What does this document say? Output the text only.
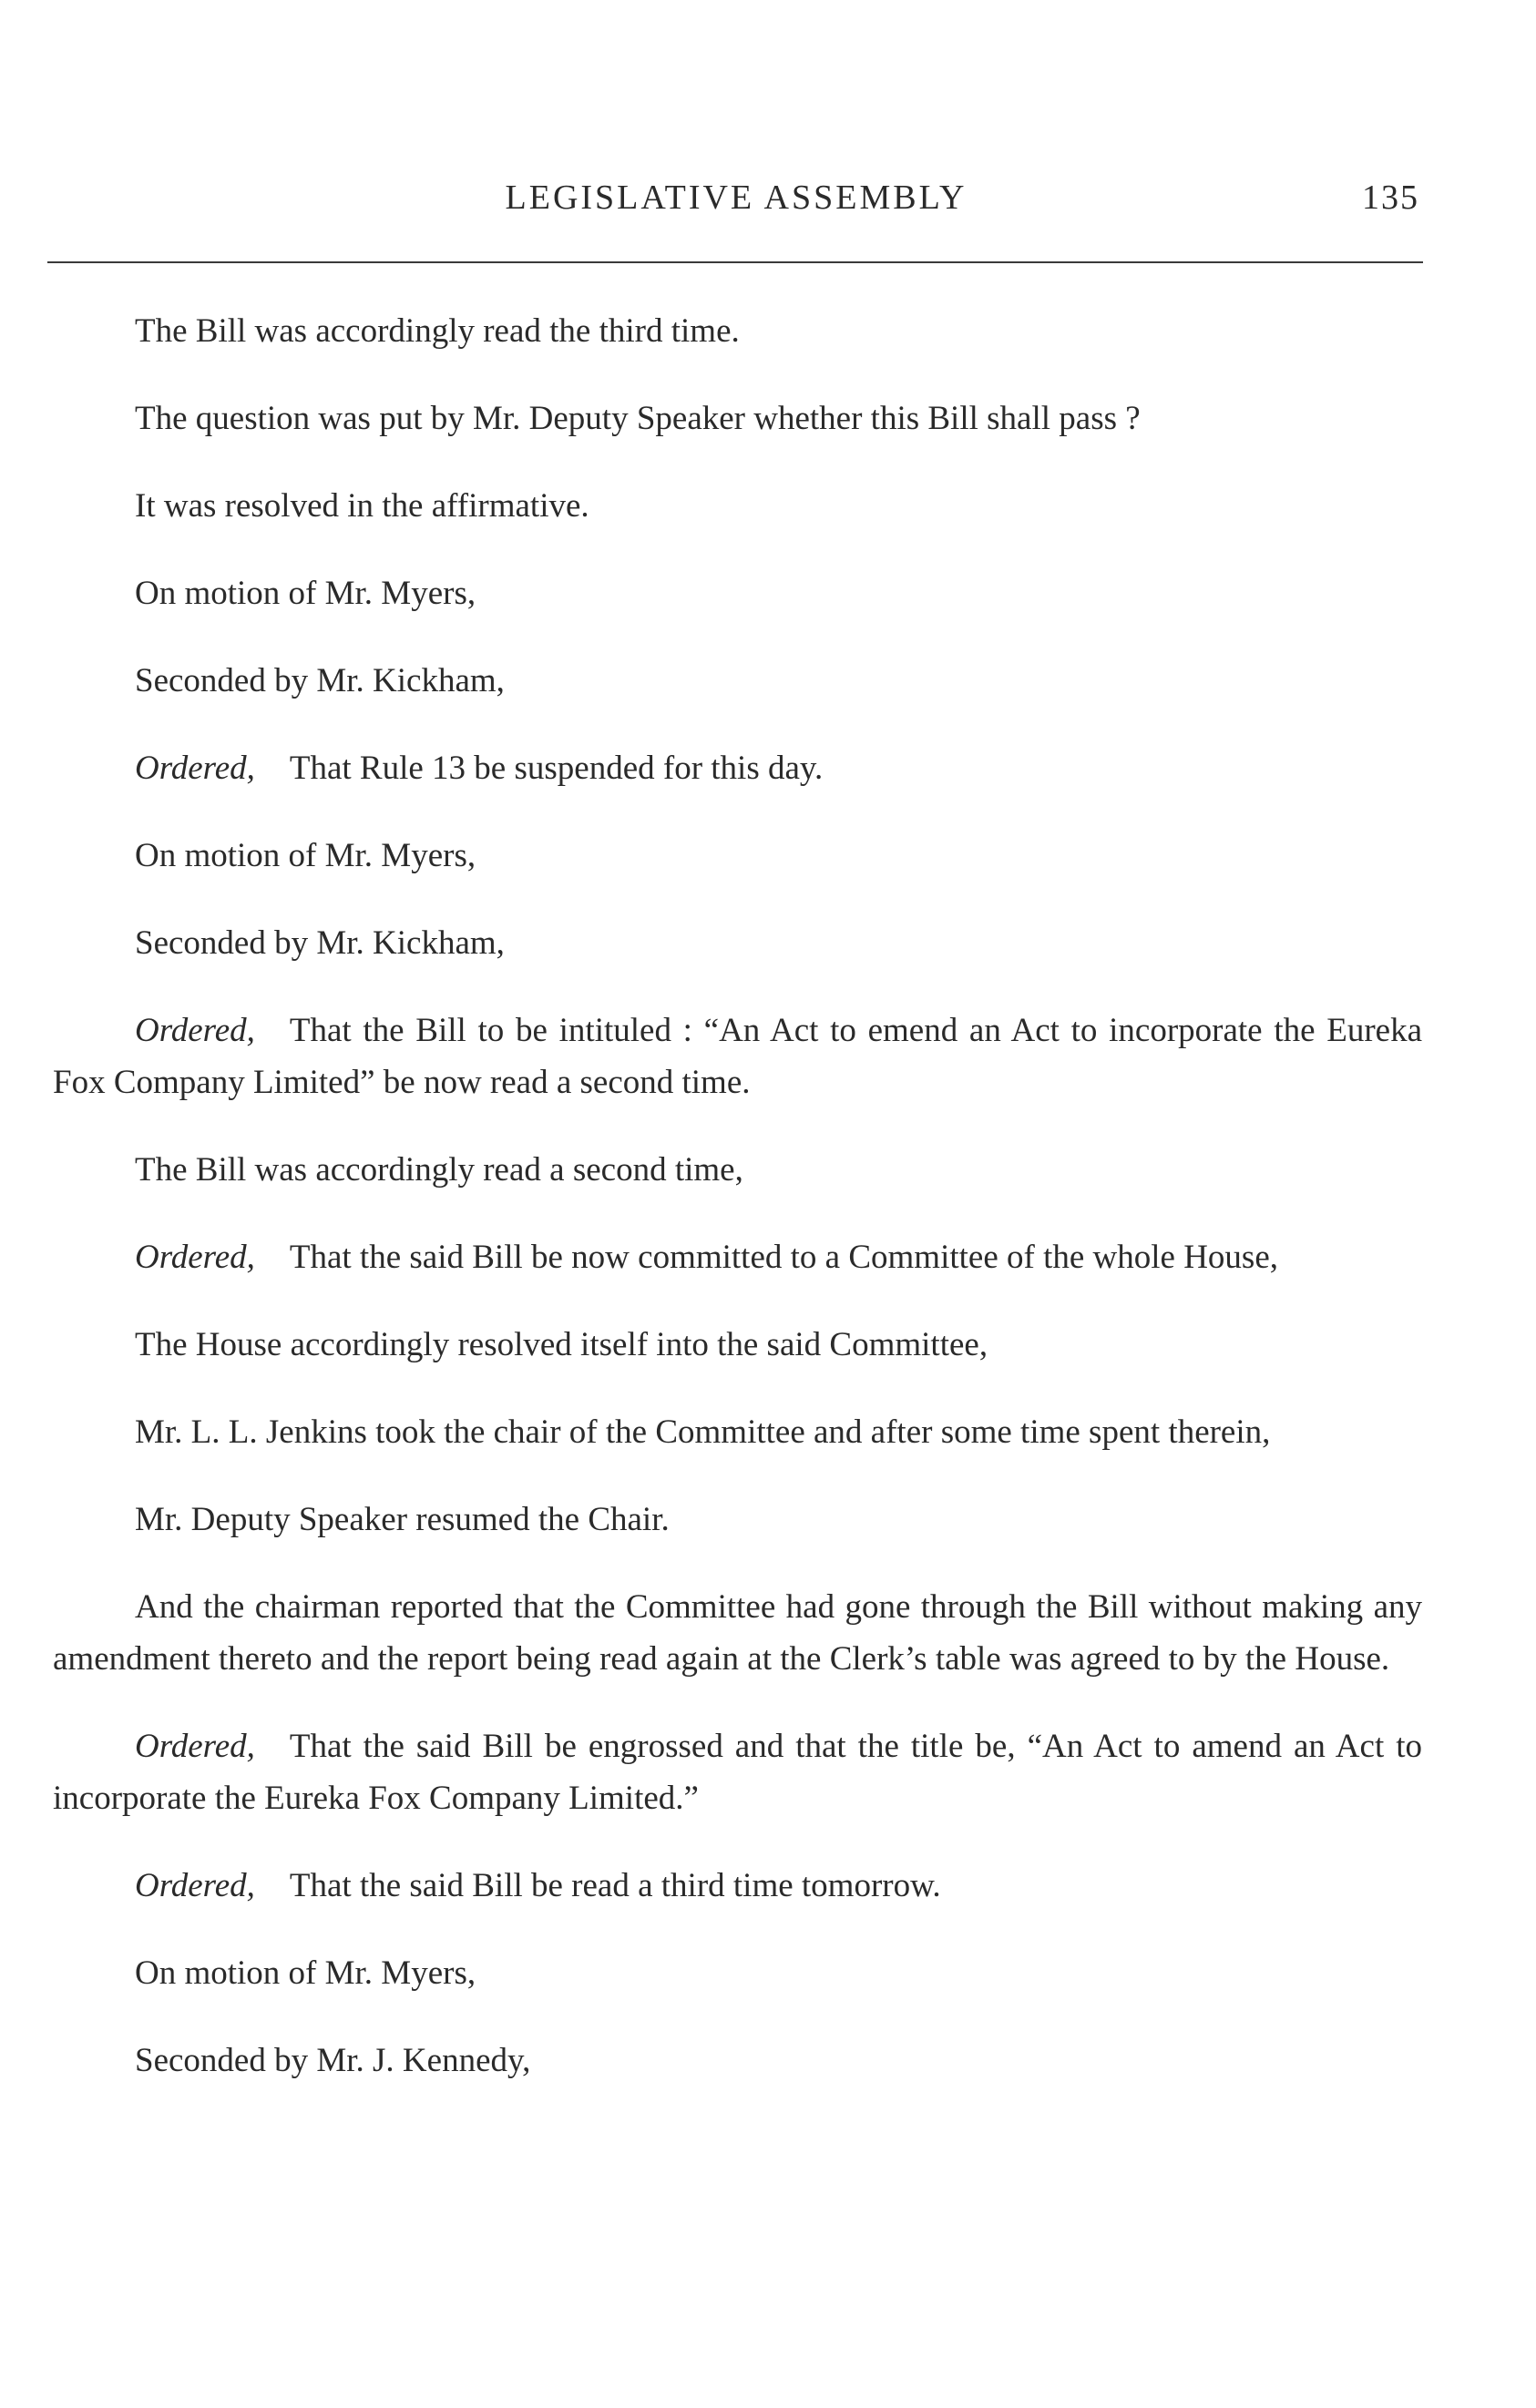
LEGISLATIVE ASSEMBLY	135

The Bill was accordingly read the third time.

The question was put by Mr. Deputy Speaker whether this Bill shall pass ?

It was resolved in the affirmative.

On motion of Mr. Myers,

Seconded by Mr. Kickham,

Ordered, That Rule 13 be suspended for this day.

On motion of Mr. Myers,

Seconded by Mr. Kickham,

Ordered, That the Bill to be intituled : “An Act to emend an Act to incorporate the Eureka Fox Company Limited” be now read a second time.

The Bill was accordingly read a second time,

Ordered, That the said Bill be now committed to a Committee of the whole House,

The House accordingly resolved itself into the said Committee,

Mr. L. L. Jenkins took the chair of the Committee and after some time spent therein,

Mr. Deputy Speaker resumed the Chair.

And the chairman reported that the Committee had gone through the Bill without making any amendment thereto and the report being read again at the Clerk’s table was agreed to by the House.

Ordered, That the said Bill be engrossed and that the title be, “An Act to amend an Act to incorporate the Eureka Fox Company Limited.”

Ordered, That the said Bill be read a third time tomorrow.

On motion of Mr. Myers,

Seconded by Mr. J. Kennedy,
